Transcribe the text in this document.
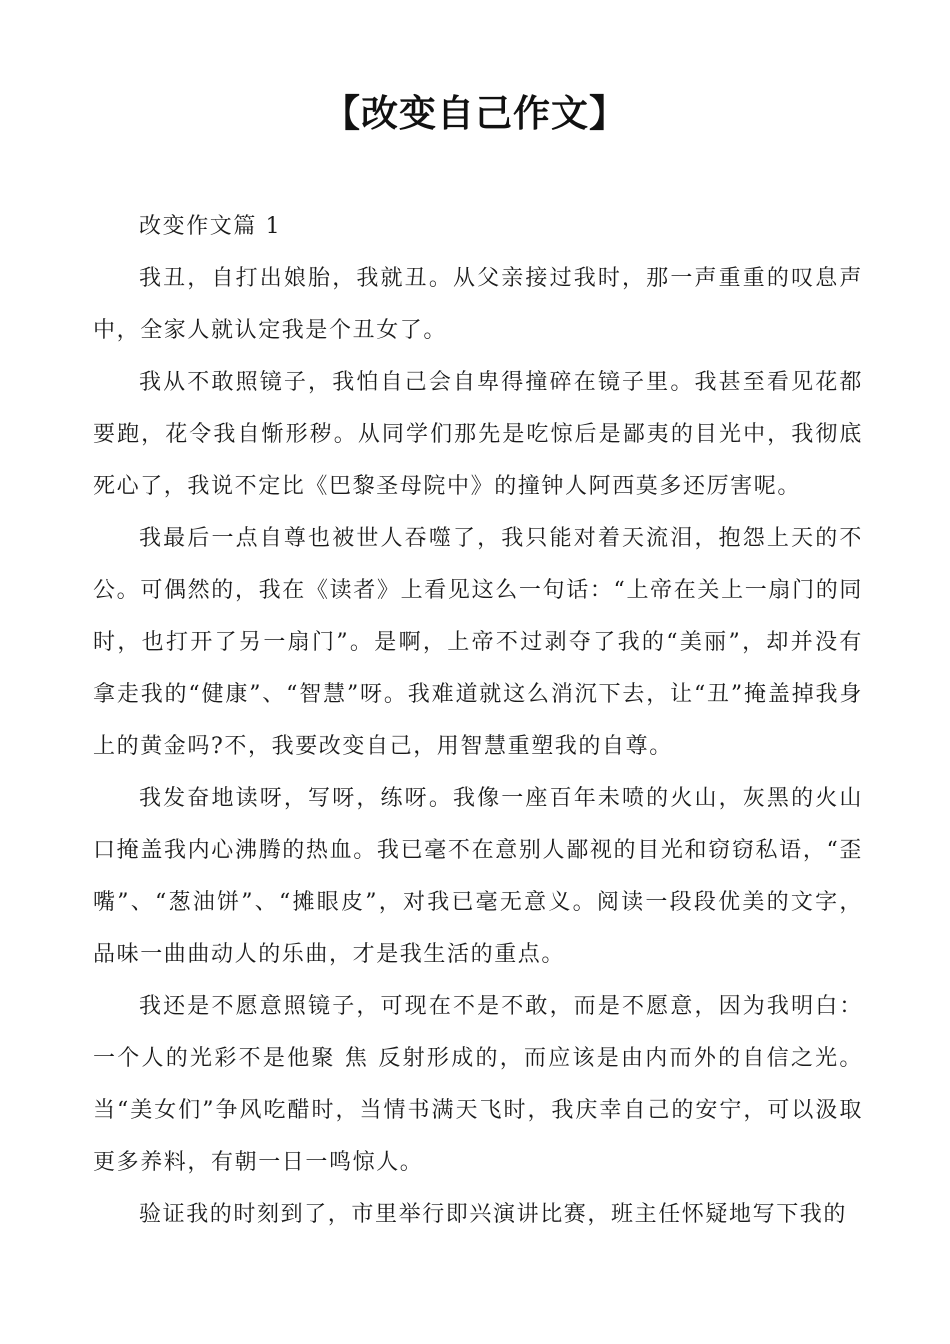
【改变自己作文】

改变作文篇 1

我丑，自打出娘胎，我就丑。从父亲接过我时，那一声重重的叹息声中，全家人就认定我是个丑女了。

我从不敢照镜子，我怕自己会自卑得撞碎在镜子里。我甚至看见花都要跑，花令我自惭形秽。从同学们那先是吃惊后是鄙夷的目光中，我彻底死心了，我说不定比《巴黎圣母院中》的撞钟人阿西莫多还厉害呢。

我最后一点自尊也被世人吞噬了，我只能对着天流泪，抱怨上天的不公。可偶然的，我在《读者》上看见这么一句话：“上帝在关上一扇门的同时，也打开了另一扇门”。是啊，上帝不过剥夺了我的“美丽”，却并没有拿走我的“健康”、“智慧”呀。我难道就这么消沉下去，让“丑”掩盖掉我身上的黄金吗?不，我要改变自己，用智慧重塑我的自尊。

我发奋地读呀，写呀，练呀。我像一座百年未喷的火山，灰黑的火山口掩盖我内心沸腾的热血。我已毫不在意别人鄙视的目光和窃窃私语，“歪嘴”、“葱油饼”、“摊眼皮”，对我已毫无意义。阅读一段段优美的文字，品味一曲曲动人的乐曲，才是我生活的重点。

我还是不愿意照镜子，可现在不是不敢，而是不愿意，因为我明白：一个人的光彩不是他聚 焦 反射形成的，而应该是由内而外的自信之光。当“美女们”争风吃醋时，当情书满天飞时，我庆幸自己的安宁，可以汲取更多养料，有朝一日一鸣惊人。

验证我的时刻到了，市里举行即兴演讲比赛，班主任怀疑地写下我的
